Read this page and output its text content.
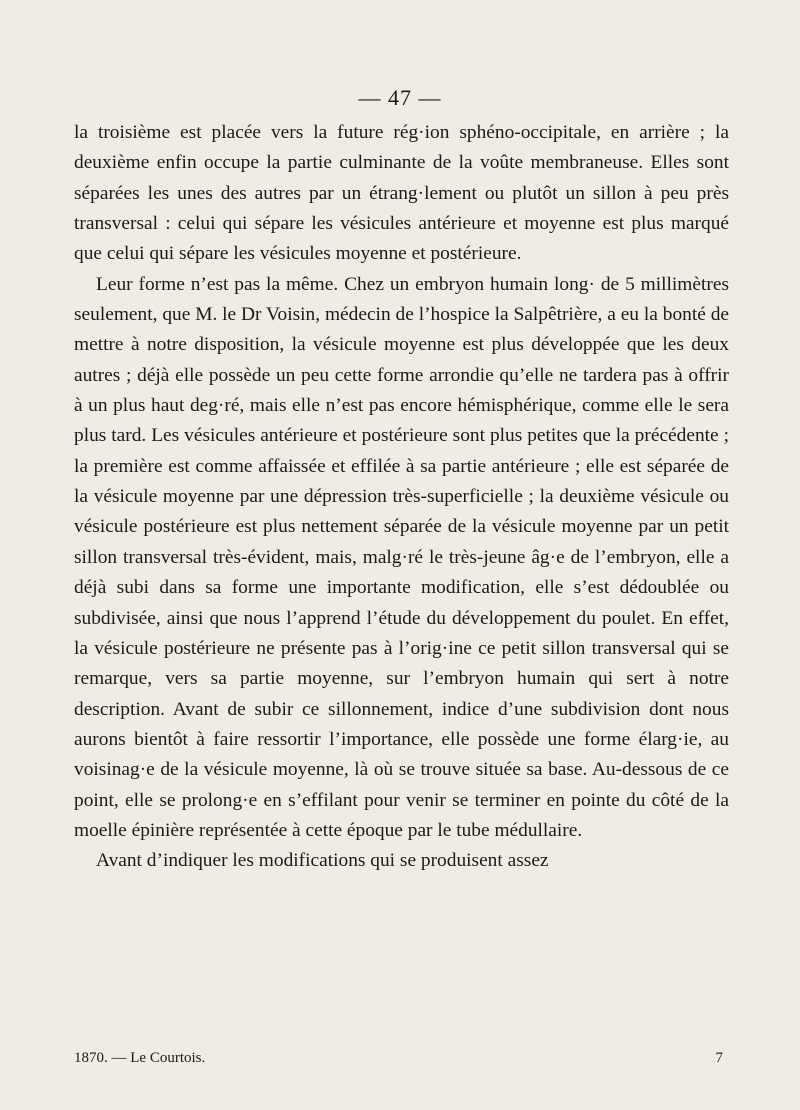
— 47 —

la troisième est placée vers la future rég·ion sphéno-occipitale, en arrière ; la deuxième enfin occupe la partie culminante de la voûte membraneuse. Elles sont séparées les unes des autres par un étrang·lement ou plutôt un sillon à peu près transversal : celui qui sépare les vésicules antérieure et moyenne est plus marqué que celui qui sépare les vésicules moyenne et postérieure.

Leur forme n’est pas la même. Chez un embryon humain long· de 5 millimètres seulement, que M. le Dr Voisin, médecin de l’hospice la Salpêtrière, a eu la bonté de mettre à notre disposition, la vésicule moyenne est plus développée que les deux autres ; déjà elle possède un peu cette forme arrondie qu’elle ne tardera pas à offrir à un plus haut deg·ré, mais elle n’est pas encore hémisphérique, comme elle le sera plus tard. Les vésicules antérieure et postérieure sont plus petites que la précédente ; la première est comme affaissée et effilée à sa partie antérieure ; elle est séparée de la vésicule moyenne par une dépression très-superficielle ; la deuxième vésicule ou vésicule postérieure est plus nettement séparée de la vésicule moyenne par un petit sillon transversal très-évident, mais, malg·ré le très-jeune âg·e de l’embryon, elle a déjà subi dans sa forme une importante modification, elle s’est dédoublée ou subdivisée, ainsi que nous l’apprend l’étude du développement du poulet. En effet, la vésicule postérieure ne présente pas à l’orig·ine ce petit sillon transversal qui se remarque, vers sa partie moyenne, sur l’embryon humain qui sert à notre description. Avant de subir ce sillonnement, indice d’une subdivision dont nous aurons bientôt à faire ressortir l’importance, elle possède une forme élarg·ie, au voisinag·e de la vésicule moyenne, là où se trouve située sa base. Au-dessous de ce point, elle se prolong·e en s’effilant pour venir se terminer en pointe du côté de la moelle épinière représentée à cette époque par le tube médullaire.

Avant d’indiquer les modifications qui se produisent assez

1870. — Le Courtois.	7
